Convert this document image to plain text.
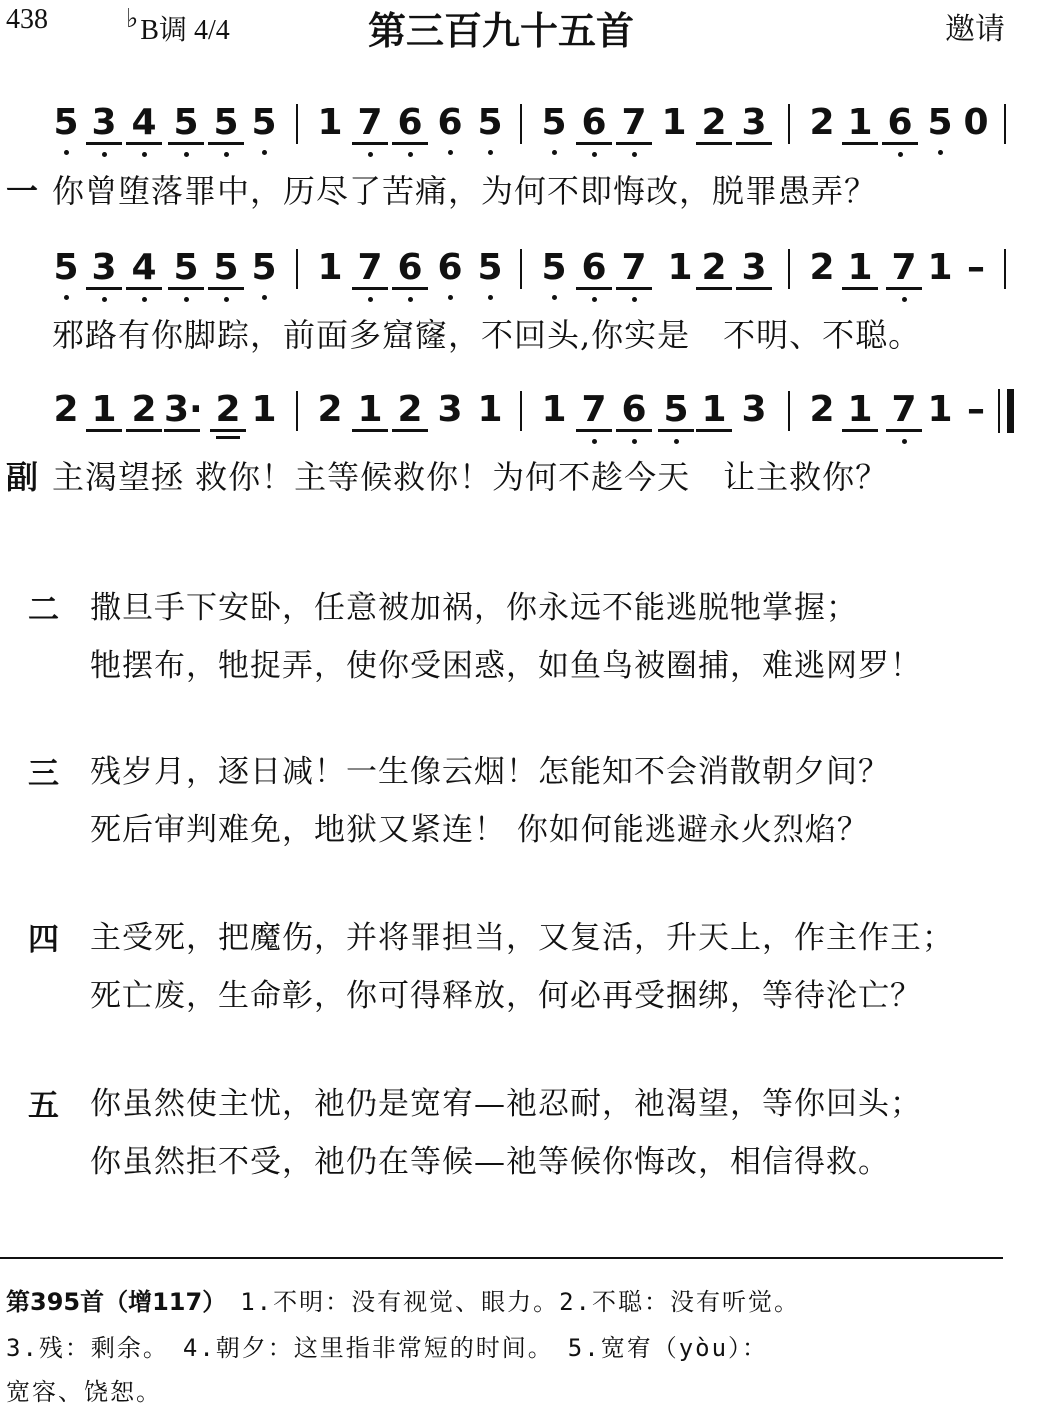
438	♭B调 4/4	第三百九十五首	邀请
5 3 4 5 5 5 1 7 6 6 5 5 6 7 1 2 3 2 1 6 5 0
一 你曾堕落罪中，历尽了苦痛，为何不即悔改，脱罪愚弄？
5 3 4 5 5 5 1 7 6 6 5 5 6 7 1 2 3 2 1 7 1 –
邪路有你脚踪，前面多窟窿，不回头,你实是　不明、不聪。
2 1 2 3· 2 1 2 1 2 3 1 1 7 6 5 1 3 2 1 7 1 –
副 主渴望拯 救你！主等候救你！为何不趁今天　让主救你？
二 撒旦手下安卧，任意被加祸，你永远不能逃脱牠掌握；
牠摆布，牠捉弄，使你受困惑，如鱼鸟被圈捕，难逃网罗！
三 残岁月，逐日减！一生像云烟！怎能知不会消散朝夕间？
死后审判难免，地狱又紧连！ 你如何能逃避永火烈焰？
四 主受死，把魔伤，并将罪担当，又复活，升天上，作主作王；
死亡废，生命彰，你可得释放，何必再受捆绑，等待沦亡？
五 你虽然使主忧，祂仍是宽宥—祂忍耐，祂渴望，等你回头；
你虽然拒不受，祂仍在等候—祂等候你悔改，相信得救。
第395首（增117）　 1.不明：没有视觉、眼力。2.不聪：没有听觉。
3.残：剩余。　4.朝夕：这里指非常短的时间。　5.宽宥（yòu）：
宽容、饶恕。
